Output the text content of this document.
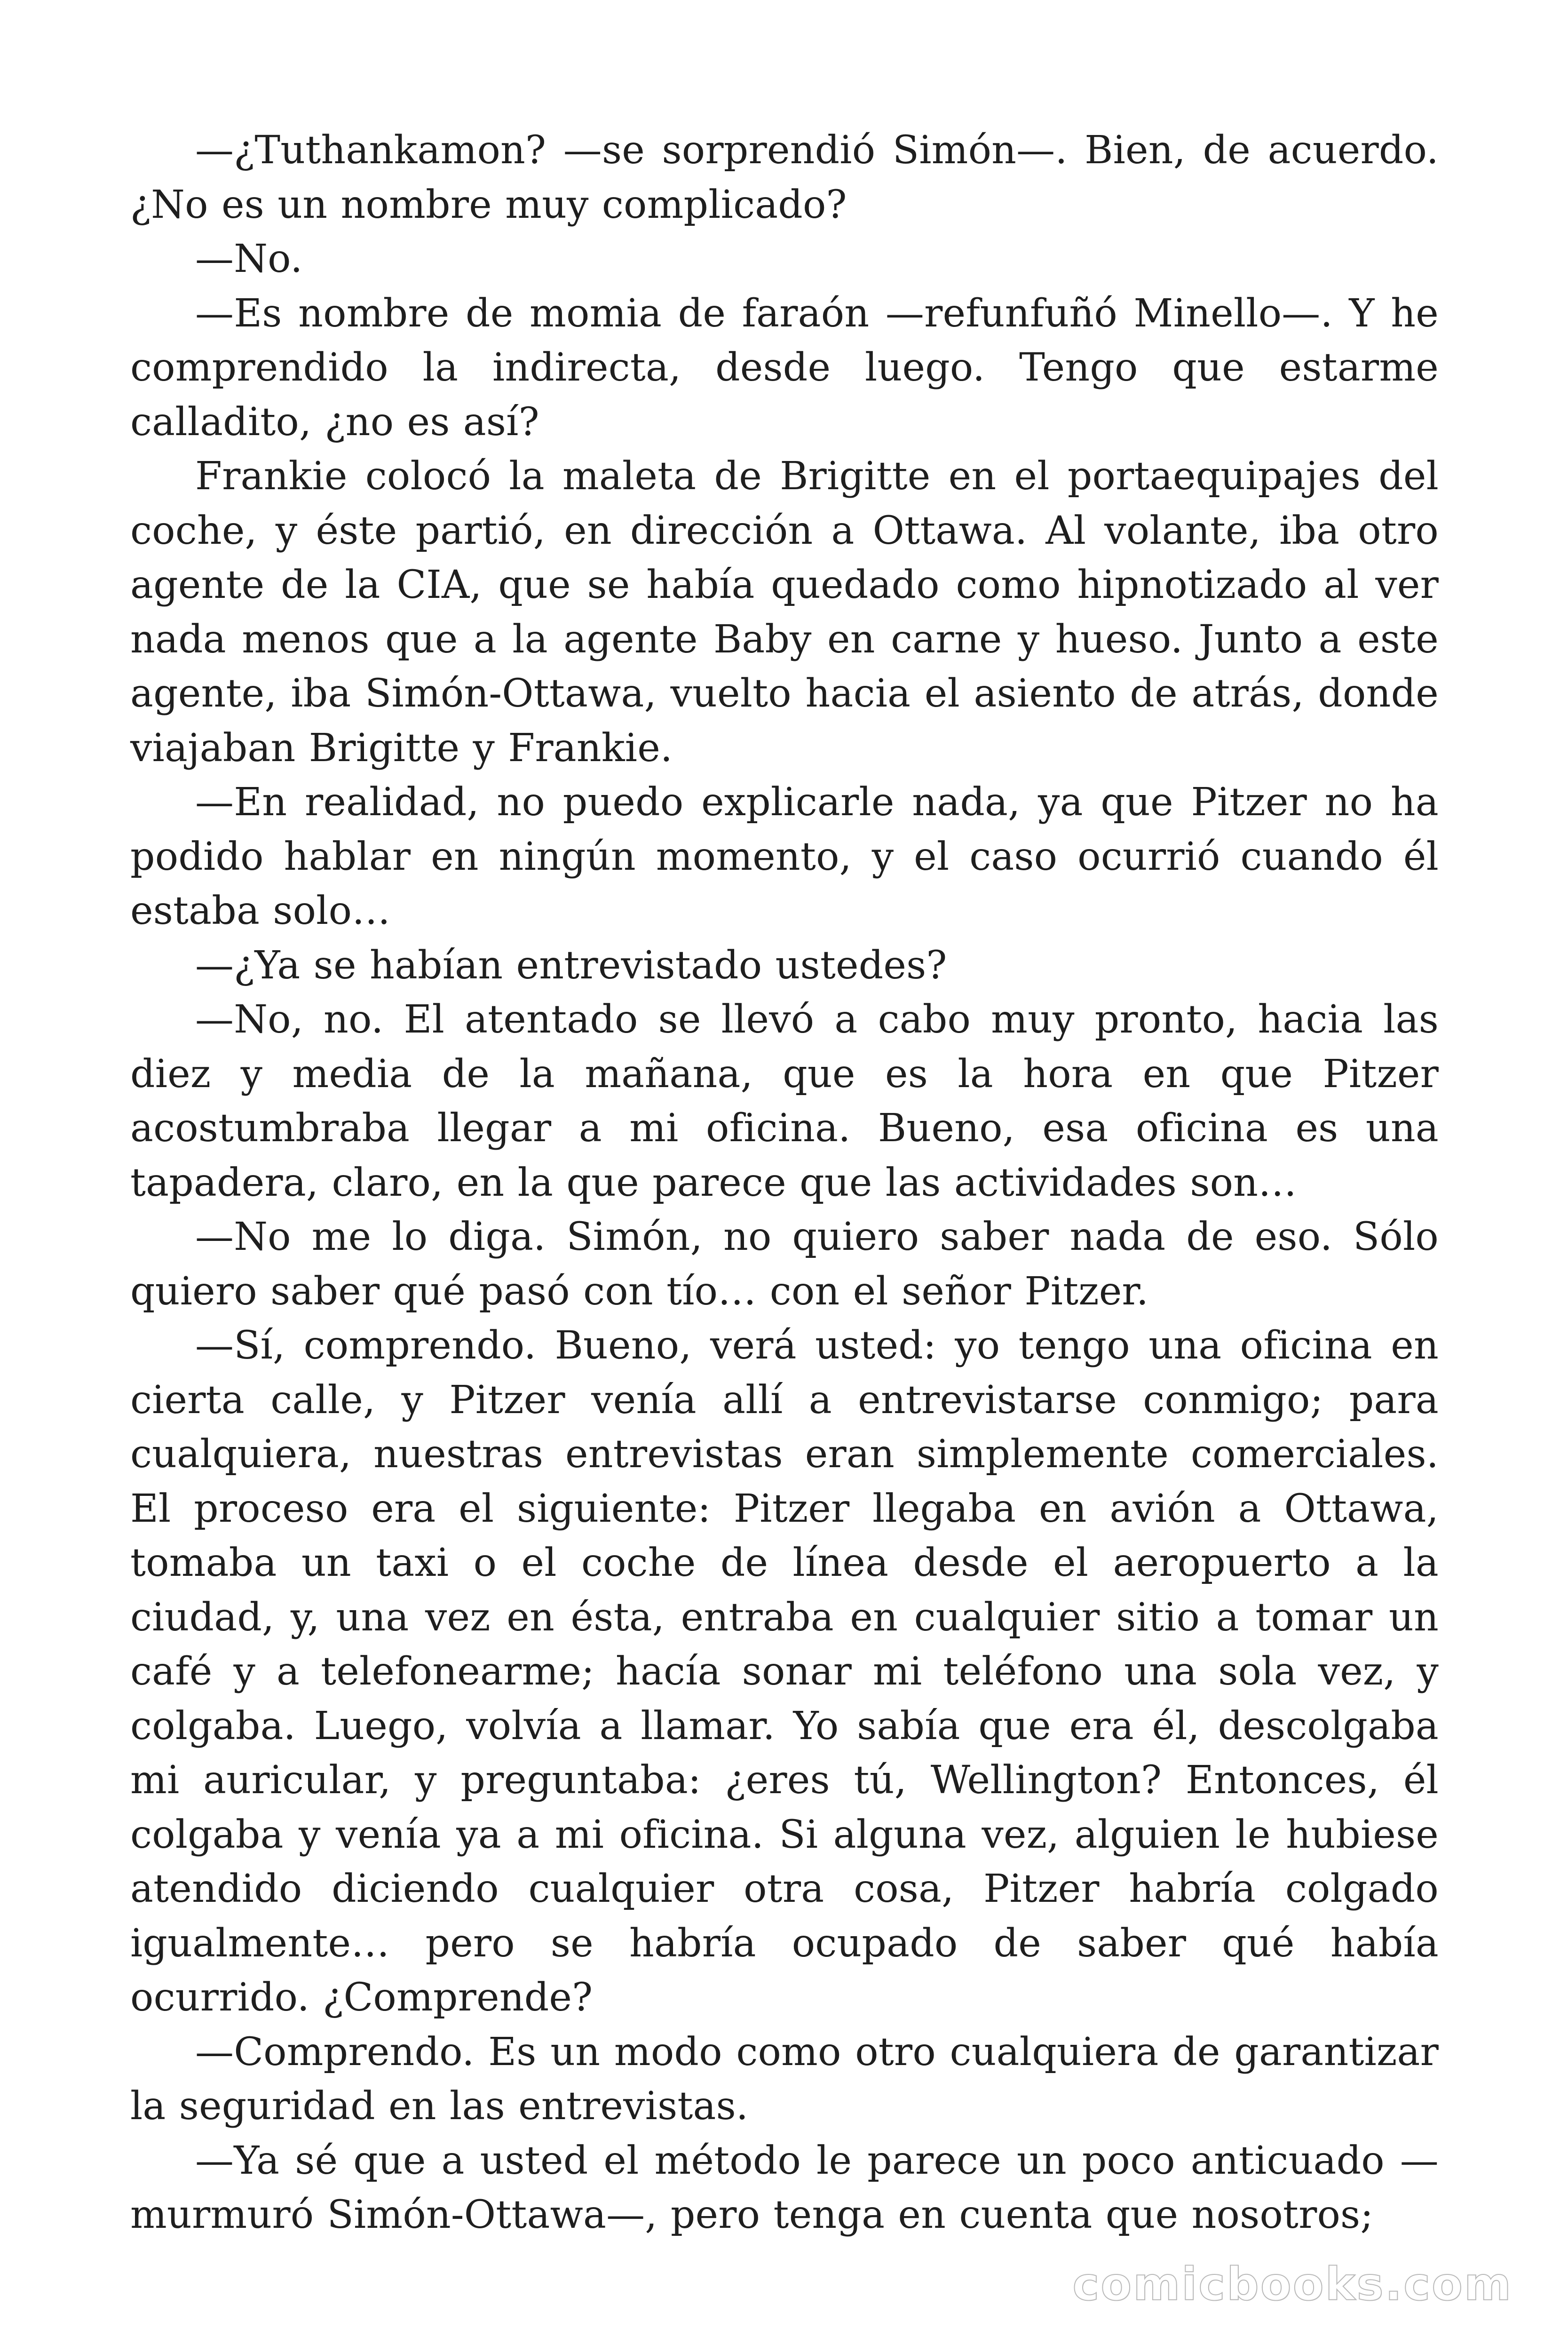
—¿Tuthankamon? —se sorprendió Simón—. Bien, de acuerdo. ¿No es un nombre muy complicado?

—No.

—Es nombre de momia de faraón —refunfuñó Minello—. Y he comprendido la indirecta, desde luego. Tengo que estarme calladito, ¿no es así?

Frankie colocó la maleta de Brigitte en el portaequipajes del coche, y éste partió, en dirección a Ottawa. Al volante, iba otro agente de la CIA, que se había quedado como hipnotizado al ver nada menos que a la agente Baby en carne y hueso. Junto a este agente, iba Simón-Ottawa, vuelto hacia el asiento de atrás, donde viajaban Brigitte y Frankie.

—En realidad, no puedo explicarle nada, ya que Pitzer no ha podido hablar en ningún momento, y el caso ocurrió cuando él estaba solo…

—¿Ya se habían entrevistado ustedes?

—No, no. El atentado se llevó a cabo muy pronto, hacia las diez y media de la mañana, que es la hora en que Pitzer acostumbraba llegar a mi oficina. Bueno, esa oficina es una tapadera, claro, en la que parece que las actividades son…

—No me lo diga. Simón, no quiero saber nada de eso. Sólo quiero saber qué pasó con tío… con el señor Pitzer.

—Sí, comprendo. Bueno, verá usted: yo tengo una oficina en cierta calle, y Pitzer venía allí a entrevistarse conmigo; para cualquiera, nuestras entrevistas eran simplemente comerciales. El proceso era el siguiente: Pitzer llegaba en avión a Ottawa, tomaba un taxi o el coche de línea desde el aeropuerto a la ciudad, y, una vez en ésta, entraba en cualquier sitio a tomar un café y a telefonearme; hacía sonar mi teléfono una sola vez, y colgaba. Luego, volvía a llamar. Yo sabía que era él, descolgaba mi auricular, y preguntaba: ¿eres tú, Wellington? Entonces, él colgaba y venía ya a mi oficina. Si alguna vez, alguien le hubiese atendido diciendo cualquier otra cosa, Pitzer habría colgado igualmente… pero se habría ocupado de saber qué había ocurrido. ¿Comprende?

—Comprendo. Es un modo como otro cualquiera de garantizar la seguridad en las entrevistas.

—Ya sé que a usted el método le parece un poco anticuado — murmuró Simón-Ottawa—, pero tenga en cuenta que nosotros;

comicbooks.com
